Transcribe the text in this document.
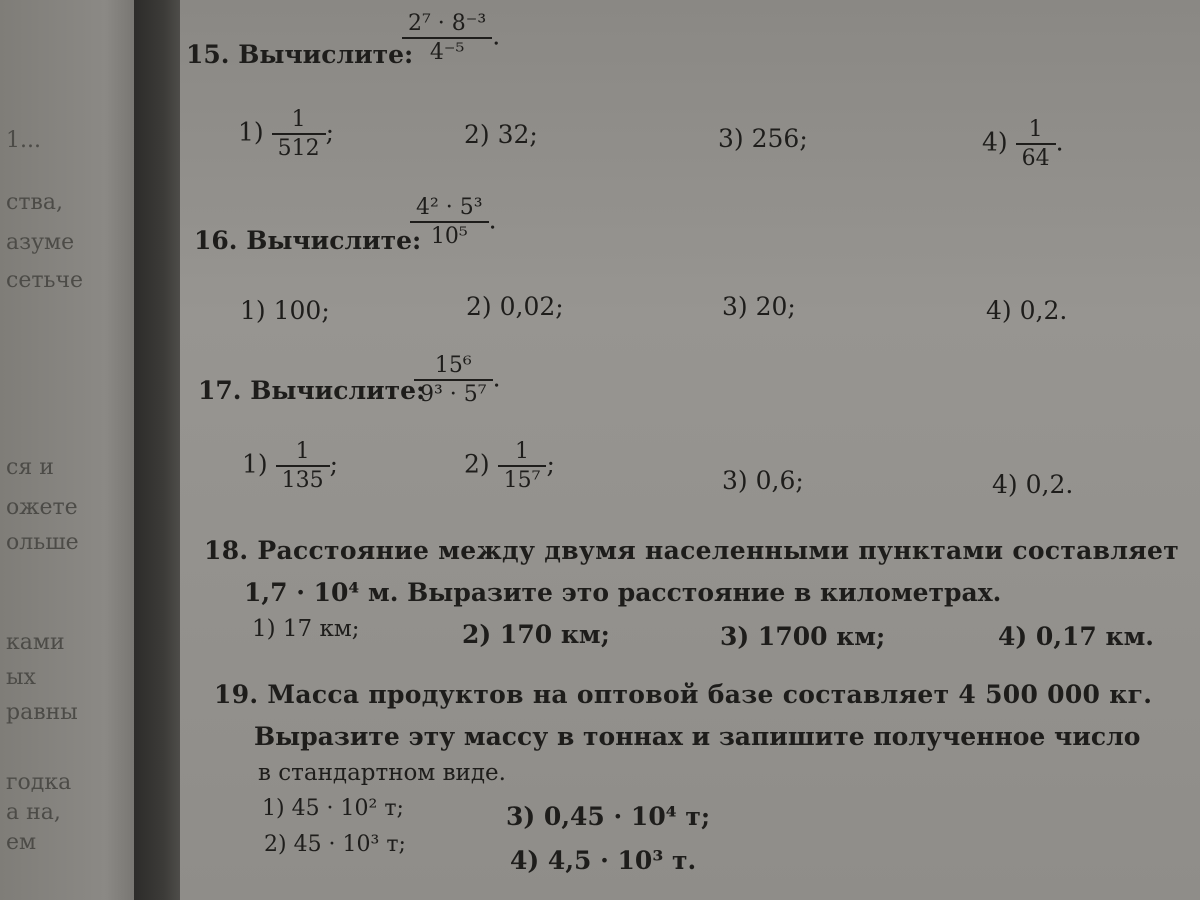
1...
ства,
азуме
сетьче
ся и
ожете
ольше
ками
ых
равны
годка
а на,
ем
15. Вычислите:
$\frac{\text{2⁷ · 8⁻³}}{\text{4⁻⁵}}$ .
$1) \frac{1}{512}$ ;	2) 32;	3) 256;	$4) \frac{1}{64}$ .
16. Вычислите:
$\frac{\text{4² · 5³}}{\text{10⁵}}$ .
1) 100;	2) 0,02;	3) 20;	4) 0,2.
17. Вычислите:
$\frac{\text{15⁶}}{\text{9³ · 5⁷}}$ .
$1) \frac{1}{135}$ ;	$2) \frac{1}{\text{15⁷}}$ ;
3) 0,6;	4) 0,2.
18. Расстояние между двумя населенными пунктами составляет
1,7 · 10⁴ м. Выразите это расстояние в километрах.
1) 17 км;	2) 170 км;	3) 1700 км;	4) 0,17 км.
19. Масса продуктов на оптовой базе составляет 4 500 000 кг.
Выразите эту массу в тоннах и запишите полученное число
в стандартном виде.
1) 45 · 10² т;
2) 45 · 10³ т;
3) 0,45 · 10⁴ т;
4) 4,5 · 10³ т.
